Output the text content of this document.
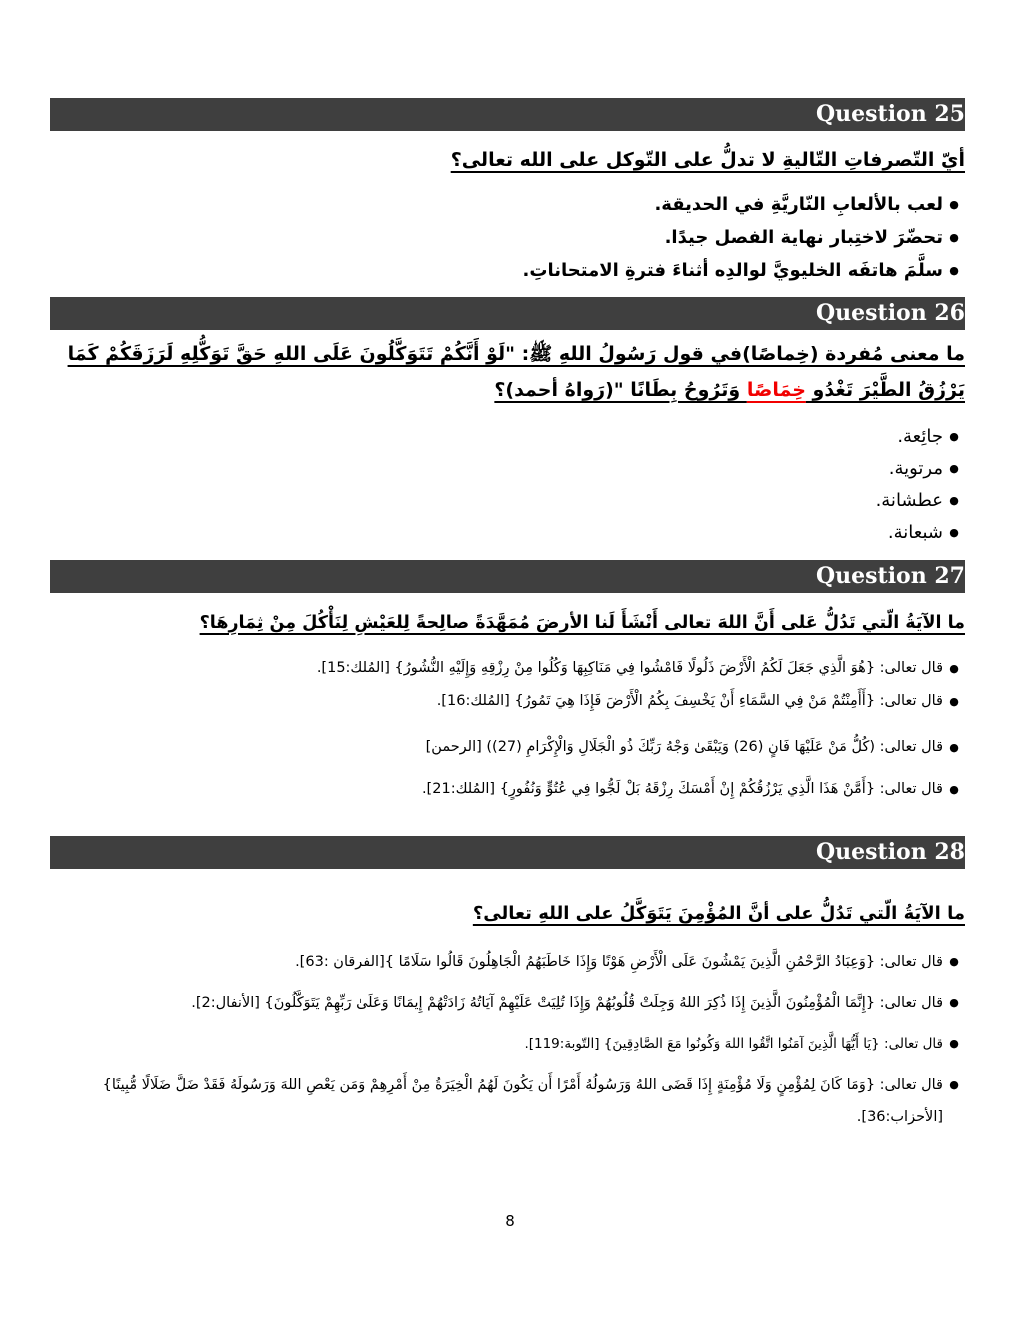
Question 25
أيّ التّصرفاتِ التّاليةِ لا تدلُّ على التّوكل على الله تعالى؟
●
لعب بالألعابِ النّاريَّةِ في الحديقة.
●
تحضّرَ لاختِبار نهاية الفصل جيدًا.
●
سلَّمَ هاتفَه الخليويَّ لوالدِه أثناءَ فترةِ الامتحاناتِ.
Question 26
ما معنى مُفردة (خِماصًا)في قول رَسُولُ اللهِ ﷺ: "لَوْ أَنَّكُمْ تَتَوَكَّلُونَ عَلَى اللهِ حَقَّ تَوَكُّلِهِ لَرَزَقَكُمْ كَمَا يَرْزُقُ الطَّيْرَ تَغْدُو خِمَاصًا وَتَرُوحُ بِطَانًا "(رَواهُ أحمد)؟
●
جائِعة.
●
مرتوية.
●
عطشانة.
●
شبعانة.
Question 27
ما الآيَةُ الّتي تَدُلُّ عَلى أَنَّ اللهَ تعالى أَنْشَأَ لَنا الأرضَ مُمَهَّدَةً صالِحةً لِلعَيْشِ لِنَأْكُلَ مِنْ ثِمَارِهَا؟
●
قال تعالى: {هُوَ الَّذِي جَعَلَ لَكُمُ الْأَرْضَ ذَلُولًا فَامْشُوا فِي مَنَاكِبِهَا وَكُلُوا مِنْ رِزْقِهِ وَإِلَيْهِ النُّشُورُ} [المُلك:15].
●
قال تعالى: {أَأَمِنْتُمْ مَنْ فِي السَّمَاءِ أَنْ يَخْسِفَ بِكُمُ الْأَرْضَ فَإِذَا هِيَ تَمُورُ} [المُلك:16].
●
قال تعالى: (كُلُّ مَنْ عَلَيْهَا فَانٍ (26) وَيَبْقَىٰ وَجْهُ رَبِّكَ ذُو الْجَلَالِ وَالْإِكْرَامِ (27)) [الرحمن]
●
قال تعالى: {أَمَّنْ هَذَا الَّذِي يَرْزُقُكُمْ إِنْ أَمْسَكَ رِزْقَهُ بَلْ لَجُّوا فِي عُتُوٍّ وَنُفُورٍ} [المُلك:21].
Question 28
ما الآيَةُ الّتي تَدُلُّ على أنَّ المُؤْمِنَ يَتَوَكَّلُ على اللهِ تعالى؟
●
قال تعالى: {وَعِبَادُ الرَّحْمُنِ الَّذِينَ يَمْشُونَ عَلَى الْأَرْضِ هَوْنًا وَإِذَا خَاطَبَهُمُ الْجَاهِلُونَ قَالُوا سَلَامًا }[الفرقان :63].
●
قال تعالى: {إِنَّمَا الْمُؤْمِنُونَ الَّذِينَ إِذَا ذُكِرَ اللهُ وَجِلَتْ قُلُوبُهُمْ وَإِذَا تُلِيَتْ عَلَيْهِمْ آيَاتُهُ زَادَتْهُمْ إِيمَانًا وَعَلَىٰ رَبِّهِمْ يَتَوَكَّلُونَ} [الأنفال:2].
●
قال تعالى: {يَا أَيُّهَا الَّذِينَ آمَنُوا اتَّقُوا اللهَ وَكُونُوا مَعَ الصَّادِقِينَ} [التّوبة:119].
●
قال تعالى: {وَمَا كَانَ لِمُؤْمِنٍ وَلَا مُؤْمِنَةٍ إِذَا قَضَى اللهُ وَرَسُولُهُ أَمْرًا أَن يَكُونَ لَهُمُ الْخِيَرَةُ مِنْ أَمْرِهِمْ وَمَن يَعْصِ اللهَ وَرَسُولَهُ فَقَدْ ضَلَّ ضَلَالًا مُّبِينًا} [الأحزاب:36].
8
